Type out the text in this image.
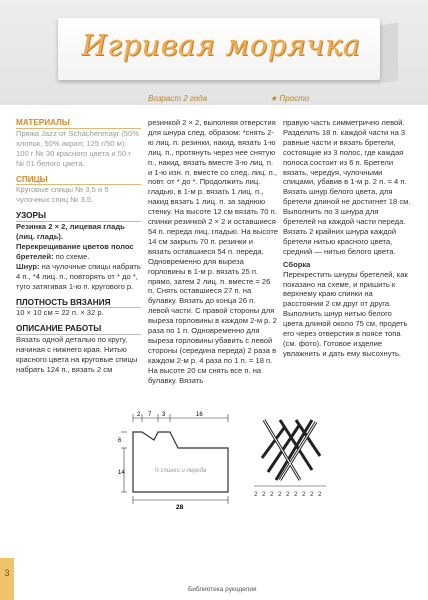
Игривая морячка
Возраст 2 года	★ Просто
МАТЕРИАЛЫ

Пряжа Jazz от Schachenmayr (50% хлопок, 50% акрил; 125 г/50 м): 100 г № 30 красного цвета и 50 г № 01 белого цвета.

СПИЦЫ

Круговые спицы № 3,5 и 5 чулочных спиц № 3,5.

УЗОРЫ

Резинка 2 × 2, лицевая гладь (лиц. гладь).

Перекрещивание цветов полос бретелей: по схеме.

Шнур: на чулочные спицы набрать 4 п., *4 лиц. п., повторять от * до *, туго затягивая 1-ю п. кругового р.

ПЛОТНОСТЬ ВЯЗАНИЯ

10 × 10 см = 22 п. × 32 р.

ОПИСАНИЕ РАБОТЫ

Вязать одной деталью по кругу, начиная с нижнего края. Нитью красного цвета на круговые спицы набрать 124 п., вязать 2 см

резинкой 2 × 2, выполняя отверстия для шнура след. образом: *снять 2-ю лиц. п. резинки, накид, вязать 1-ю лиц. п., протянуть через нее снятую п., накид, вязать вместе 3-ю лиц. п. и 1-ю изн. п. вместе со след. лиц. п., повт. от * до *. Продолжить лиц. гладью, в 1-м р. вязать 1 лиц. п., накид вязать 1 лиц. п. за заднюю стенку. На высоте 12 см вязать 70 п. спинки резинкой 2 × 2 и оставшиеся 54 п. переда лиц. гладью. На высоте 14 см закрыть 70 п. резинки и вязать оставшиеся 54 п. переда. Одновременно для выреза горловины в 1-м р. вязать 25 п. прямо, затем 2 лиц. п. вместе = 26 п. Снять оставшиеся 27 п. на булавку. Вязать до конца 26 п. левой части. С правой стороны для выреза горловины в каждом 2-м р. 2 раза по 1 п. Одновременно для выреза горловины убавить с левой стороны (середина переда) 2 раза в каждом 2-м р. 4 раза по 1 п. = 18 п. На высоте 20 см снять все п. на булавку. Вязать

правую часть симметрично левой. Разделить 18 п. каждой части на 3 равные части и вязать бретели, состоящие из 3 полос, где каждая полоса состоит из 6 п. Бретели вязать, чередуя, чулочными спицами, убавив в 1-м р. 2 п. = 4 п. Вязать шнур белого цвета, для бретели длиной не достигнет 18 см. Выполнить по 3 шнура для бретелей на каждой части переда. Вязать 2 крайних шнура каждой бретели нитью красного цвета, средний — нитью белого цвета.

Сборка

Перекрестить шнуры бретелей, как показано на схеме, и пришить к верхнему краю спинки на расстоянии 2 см друг от друга. Выполнить шнур нитью белого цвета длиной около 75 см, продеть его через отверстия в поясе топа (см. фото). Готовое изделие увлажнить и дать ему высохнуть.

2 7 3	16
14
6
28
½ спинки и переда
2 2 2 2 2 2 2 2 2
3
Библиотека рукоделия
